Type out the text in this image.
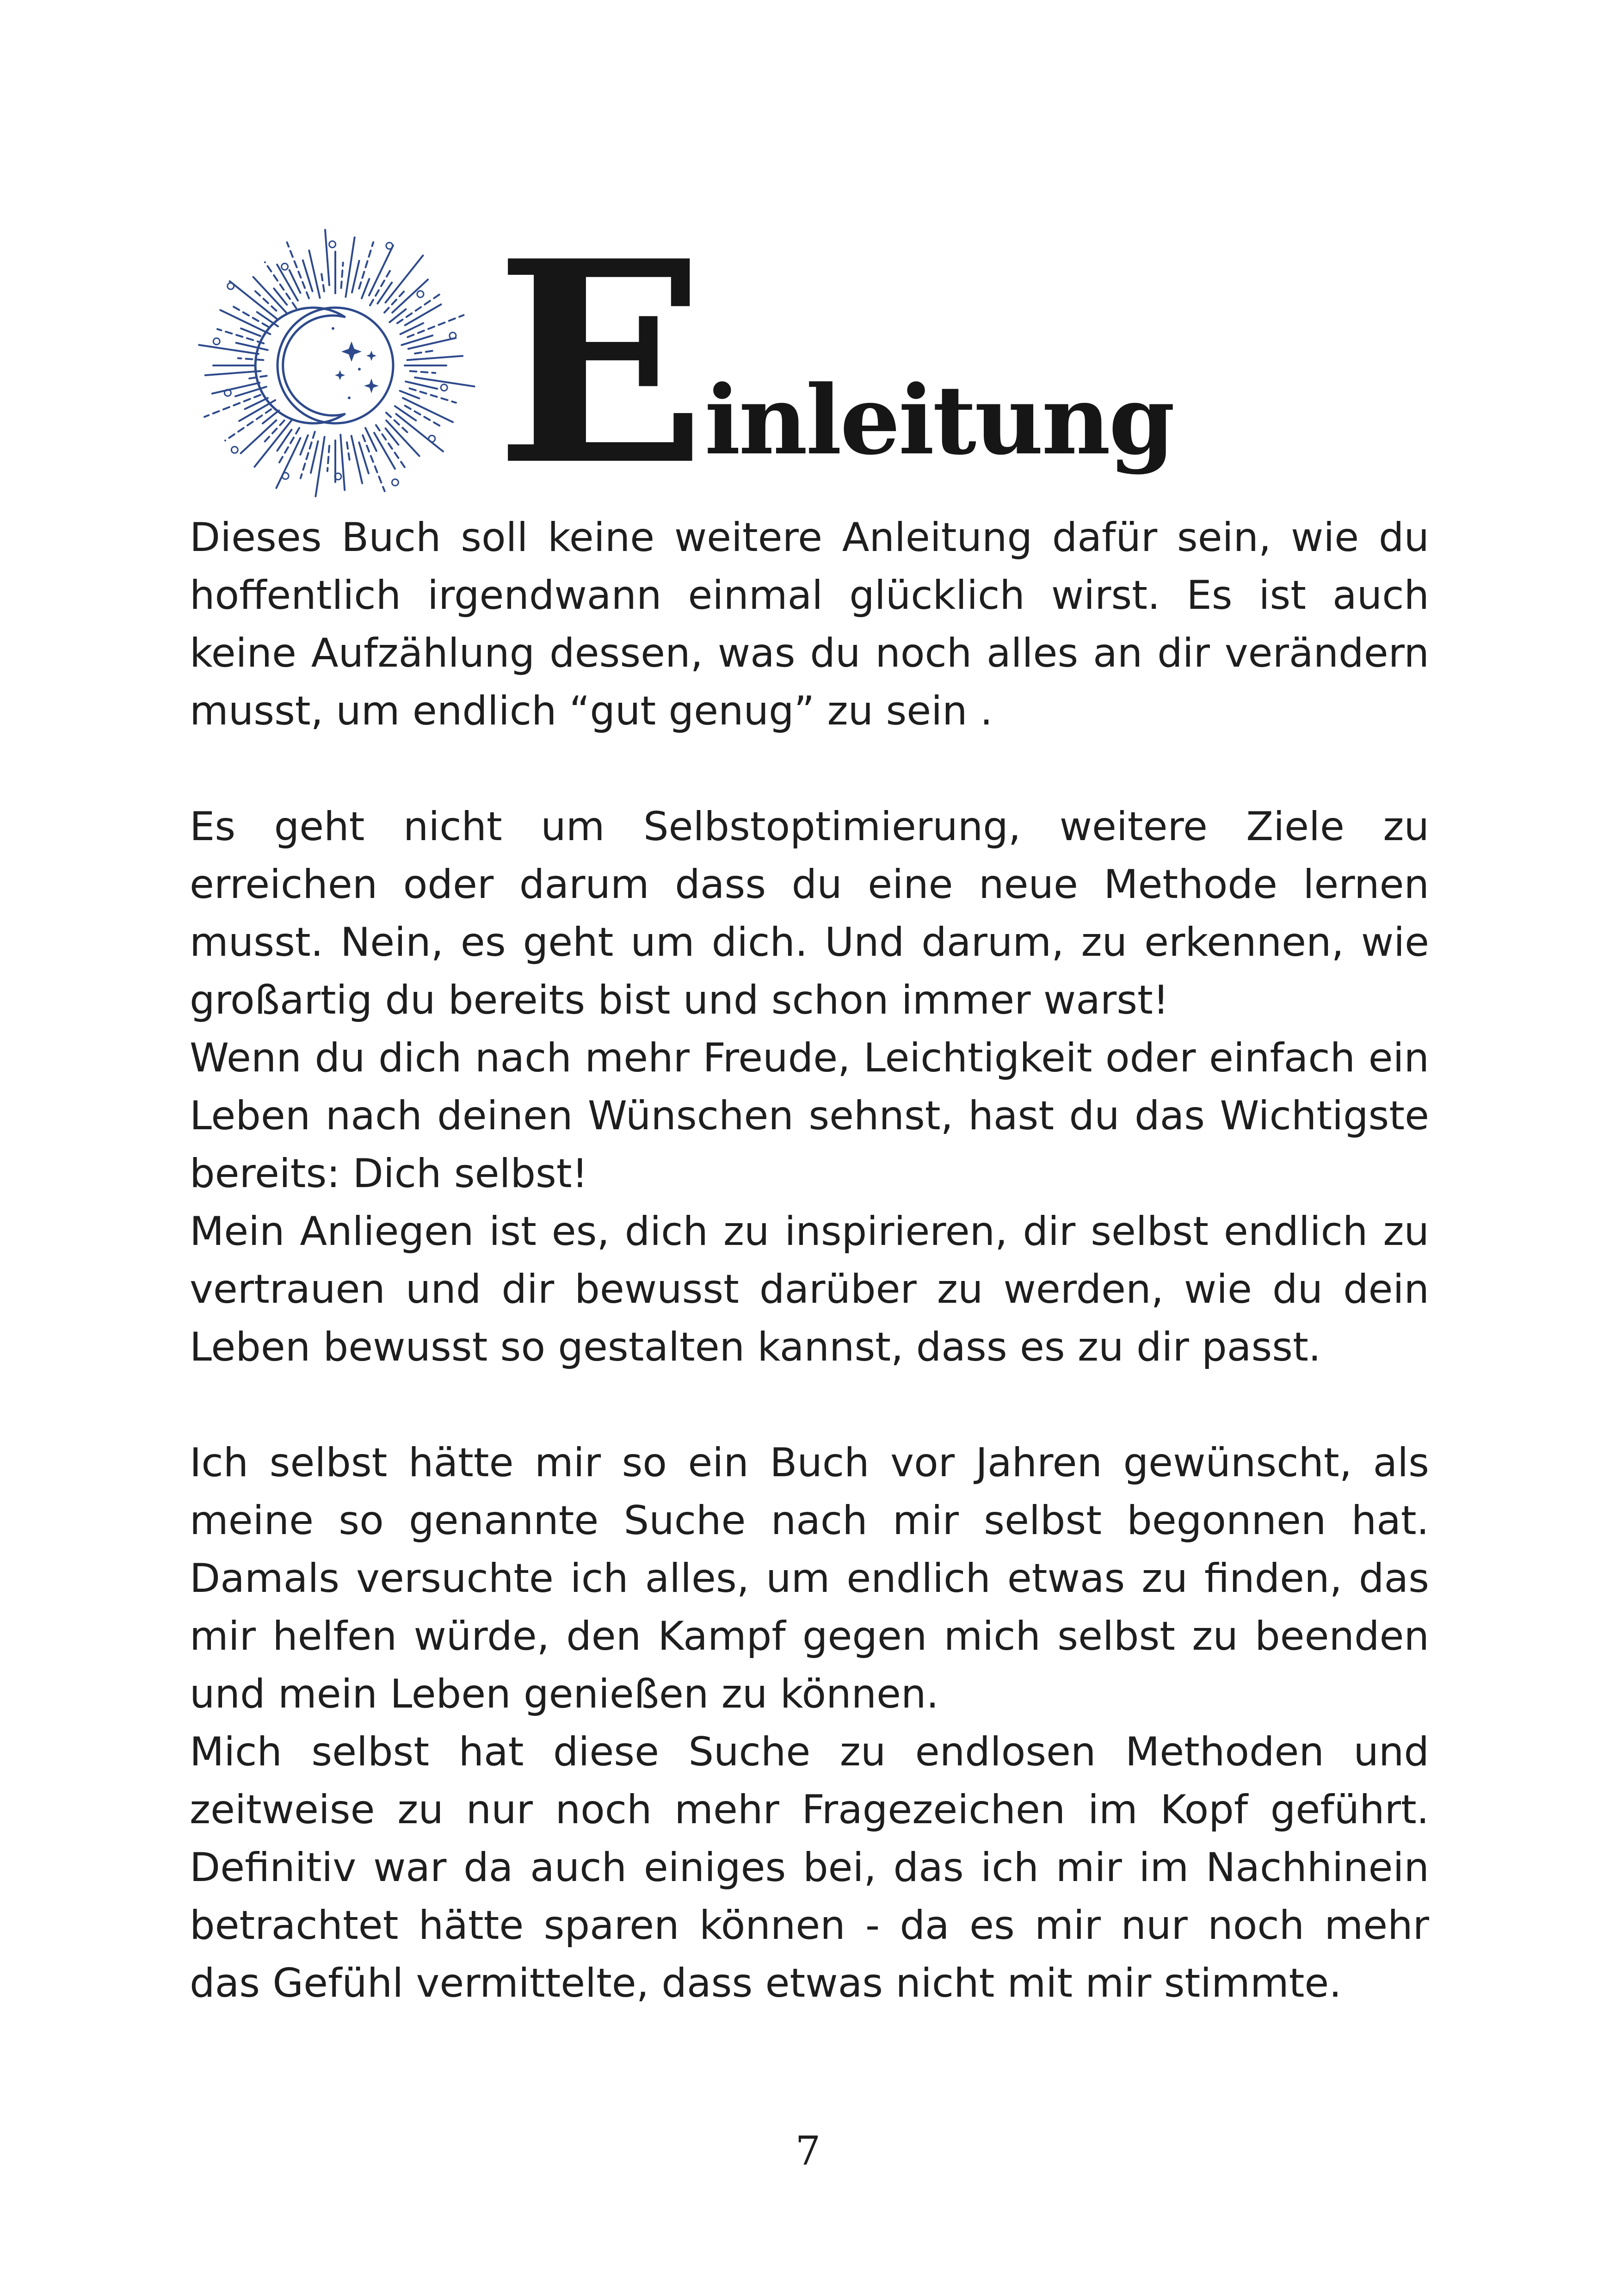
E inleitung

Dieses Buch soll keine weitere Anleitung dafür sein, wie du hoffentlich irgendwann einmal glücklich wirst. Es ist auch keine Aufzählung dessen, was du noch alles an dir verändern musst, um endlich “gut genug” zu sein .

Es geht nicht um Selbstoptimierung, weitere Ziele zu erreichen oder darum dass du eine neue Methode lernen musst. Nein, es geht um dich. Und darum, zu erkennen, wie großartig du bereits bist und schon immer warst!

Wenn du dich nach mehr Freude, Leichtigkeit oder einfach ein Leben nach deinen Wünschen sehnst, hast du das Wichtigste bereits: Dich selbst!

Mein Anliegen ist es, dich zu inspirieren, dir selbst endlich zu vertrauen und dir bewusst darüber zu werden, wie du dein Leben bewusst so gestalten kannst, dass es zu dir passt.

Ich selbst hätte mir so ein Buch vor Jahren gewünscht, als meine so genannte Suche nach mir selbst begonnen hat. Damals versuchte ich alles, um endlich etwas zu finden, das mir helfen würde, den Kampf gegen mich selbst zu beenden und mein Leben genießen zu können.

Mich selbst hat diese Suche zu endlosen Methoden und zeitweise zu nur noch mehr Fragezeichen im Kopf geführt. Definitiv war da auch einiges bei, das ich mir im Nachhinein betrachtet hätte sparen können - da es mir nur noch mehr das Gefühl vermittelte, dass etwas nicht mit mir stimmte.

7
